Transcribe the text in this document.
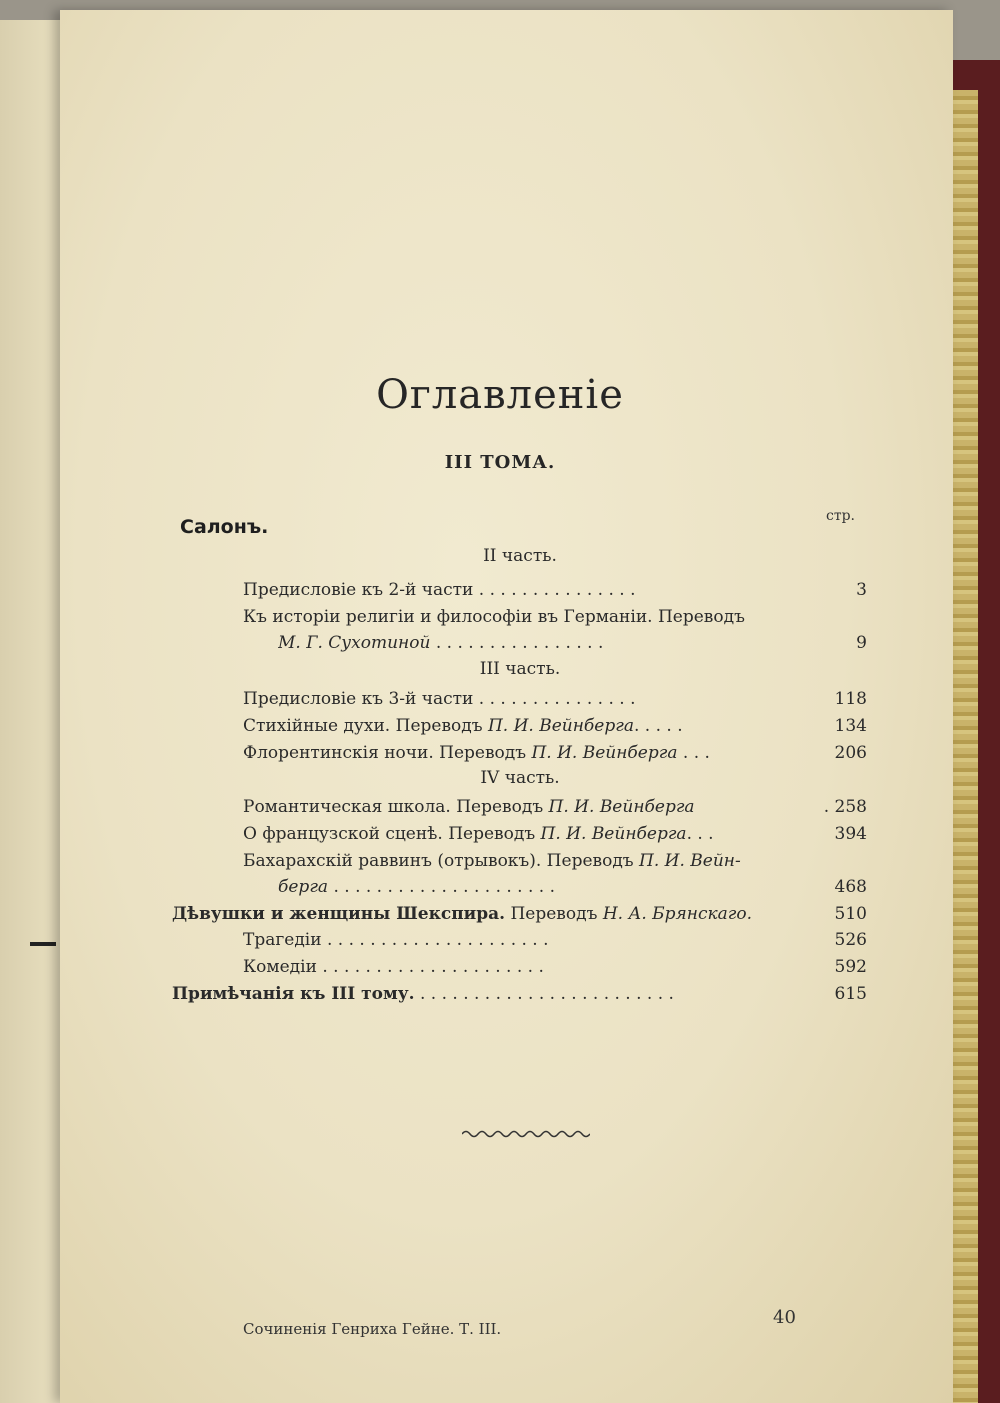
Оглавленіе
III ТОМА.
стр.
Салонъ.
II часть.
Предисловіе къ 2-й части . . . . . . . . . . . . . . .	3
Къ исторіи религіи и философіи въ Германіи. Переводъ
М. Г. Сухотиной . . . . . . . . . . . . . . . .	9
III часть.
Предисловіе къ 3-й части . . . . . . . . . . . . . . .	118
Стихійные духи. Переводъ П. И. Вейнберга. . . . .	134
Флорентинскія ночи. Переводъ П. И. Вейнберга . . .	206
IV часть.
Романтическая школа. Переводъ П. И. Вейнберга	. 258
О французской сценѣ. Переводъ П. И. Вейнберга. . .	394
Бахарахскій раввинъ (отрывокъ). Переводъ П. И. Вейн-
берга . . . . . . . . . . . . . . . . . . . . .	468
Дѣвушки и женщины Шекспира. Переводъ Н. А. Брянскаго.	510
Трагедіи . . . . . . . . . . . . . . . . . . . . .	526
Комедіи . . . . . . . . . . . . . . . . . . . . .	592
Примѣчанія къ III тому. . . . . . . . . . . . . . . . . . . . . . . . .	615
Сочиненія Генриха Гейне. Т. III.
40
